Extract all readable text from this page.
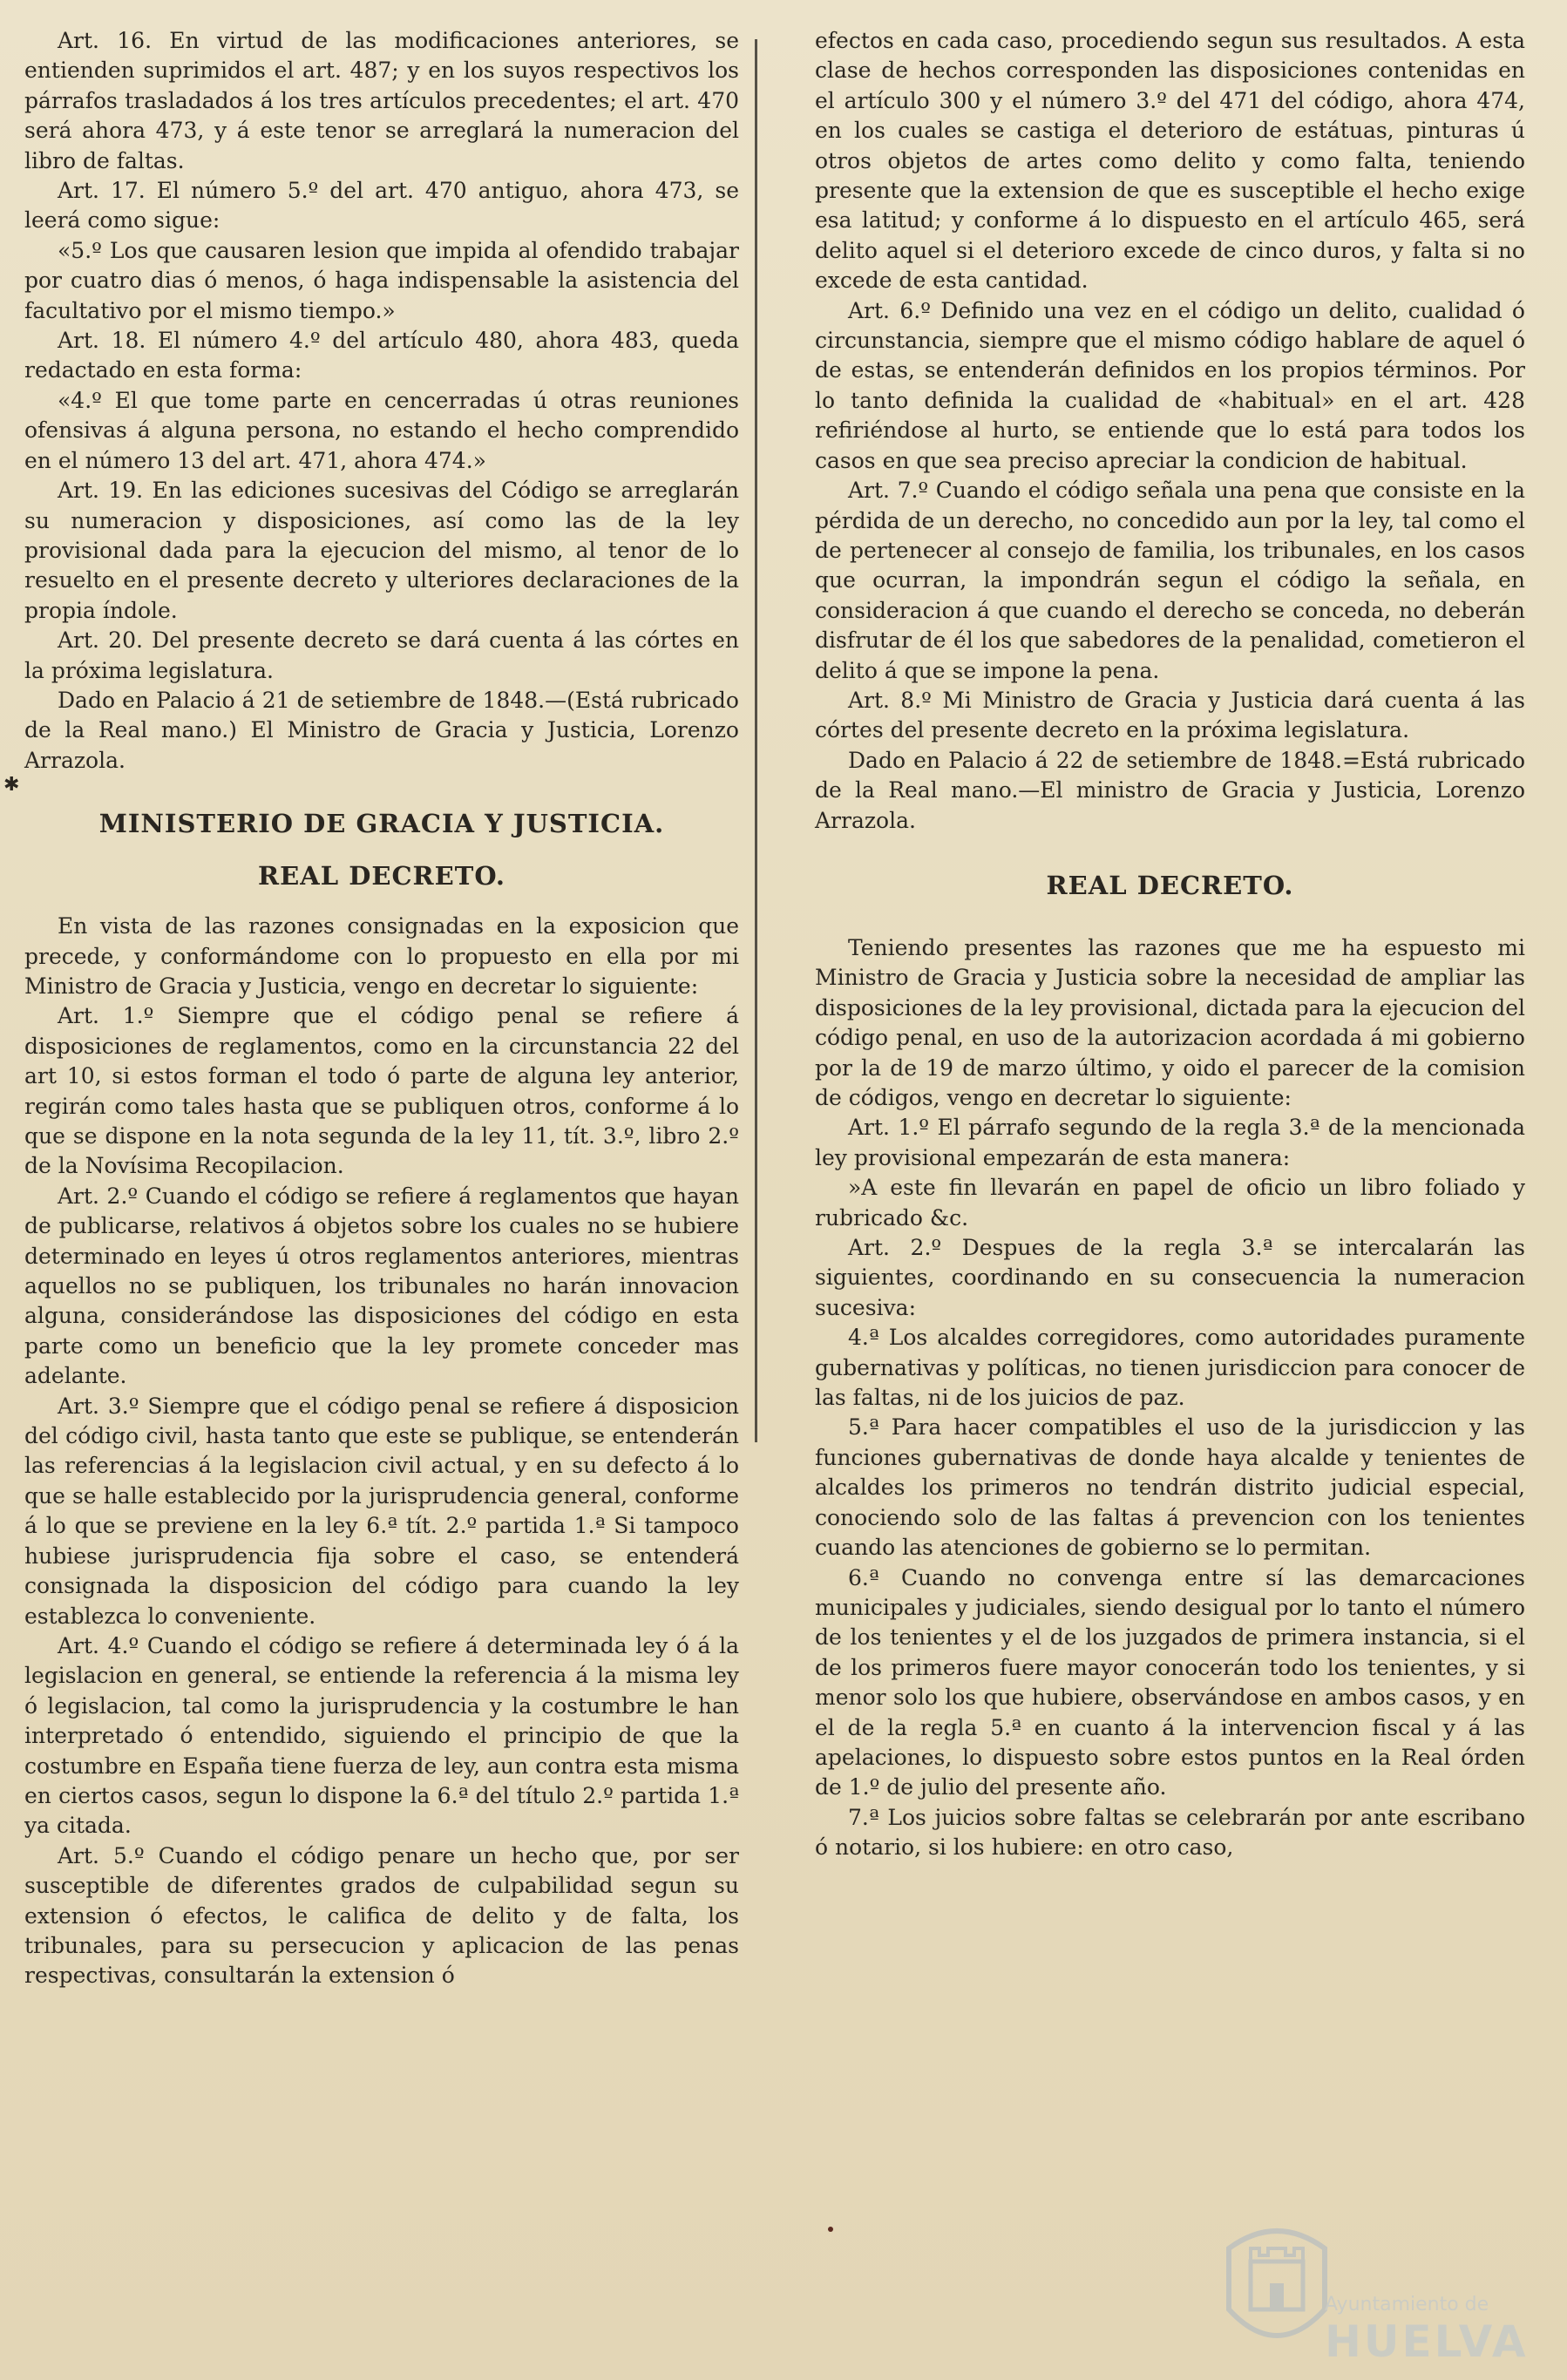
Art. 16. En virtud de las modificaciones anteriores, se entienden suprimidos el art. 487; y en los suyos respectivos los párrafos trasladados á los tres artículos precedentes; el art. 470 será ahora 473, y á este tenor se arreglará la numeracion del libro de faltas.

Art. 17. El número 5.º del art. 470 antiguo, ahora 473, se leerá como sigue:

«5.º Los que causaren lesion que impida al ofendido trabajar por cuatro dias ó menos, ó haga indispensable la asistencia del facultativo por el mismo tiempo.»

Art. 18. El número 4.º del artículo 480, ahora 483, queda redactado en esta forma:

«4.º El que tome parte en cencerradas ú otras reuniones ofensivas á alguna persona, no estando el hecho comprendido en el número 13 del art. 471, ahora 474.»

Art. 19. En las ediciones sucesivas del Código se arreglarán su numeracion y disposiciones, así como las de la ley provisional dada para la ejecucion del mismo, al tenor de lo resuelto en el presente decreto y ulteriores declaraciones de la propia índole.

Art. 20. Del presente decreto se dará cuenta á las córtes en la próxima legislatura.

Dado en Palacio á 21 de setiembre de 1848.—(Está rubricado de la Real mano.) El Ministro de Gracia y Justicia, Lorenzo Arrazola.

MINISTERIO DE GRACIA Y JUSTICIA.
REAL DECRETO.

En vista de las razones consignadas en la exposicion que precede, y conformándome con lo propuesto en ella por mi Ministro de Gracia y Justicia, vengo en decretar lo siguiente:

Art. 1.º Siempre que el código penal se refiere á disposiciones de reglamentos, como en la circunstancia 22 del art 10, si estos forman el todo ó parte de alguna ley anterior, regirán como tales hasta que se publiquen otros, conforme á lo que se dispone en la nota segunda de la ley 11, tít. 3.º, libro 2.º de la Novísima Recopilacion.

Art. 2.º Cuando el código se refiere á reglamentos que hayan de publicarse, relativos á objetos sobre los cuales no se hubiere determinado en leyes ú otros reglamentos anteriores, mientras aquellos no se publiquen, los tribunales no harán innovacion alguna, considerándose las disposiciones del código en esta parte como un beneficio que la ley promete conceder mas adelante.

Art. 3.º Siempre que el código penal se refiere á disposicion del código civil, hasta tanto que este se publique, se entenderán las referencias á la legislacion civil actual, y en su defecto á lo que se halle establecido por la jurisprudencia general, conforme á lo que se previene en la ley 6.ª tít. 2.º partida 1.ª Si tampoco hubiese jurisprudencia fija sobre el caso, se entenderá consignada la disposicion del código para cuando la ley establezca lo conveniente.

Art. 4.º Cuando el código se refiere á determinada ley ó á la legislacion en general, se entiende la referencia á la misma ley ó legislacion, tal como la jurisprudencia y la costumbre le han interpretado ó entendido, siguiendo el principio de que la costumbre en España tiene fuerza de ley, aun contra esta misma en ciertos casos, segun lo dispone la 6.ª del título 2.º partida 1.ª ya citada.

Art. 5.º Cuando el código penare un hecho que, por ser susceptible de diferentes grados de culpabilidad segun su extension ó efectos, le califica de delito y de falta, los tribunales, para su persecucion y aplicacion de las penas respectivas, consultarán la extension ó

✱

efectos en cada caso, procediendo segun sus resultados. A esta clase de hechos corresponden las disposiciones contenidas en el artículo 300 y el número 3.º del 471 del código, ahora 474, en los cuales se castiga el deterioro de estátuas, pinturas ú otros objetos de artes como delito y como falta, teniendo presente que la extension de que es susceptible el hecho exige esa latitud; y conforme á lo dispuesto en el artículo 465, será delito aquel si el deterioro excede de cinco duros, y falta si no excede de esta cantidad.

Art. 6.º Definido una vez en el código un delito, cualidad ó circunstancia, siempre que el mismo código hablare de aquel ó de estas, se entenderán definidos en los propios términos. Por lo tanto definida la cualidad de «habitual» en el art. 428 refiriéndose al hurto, se entiende que lo está para todos los casos en que sea preciso apreciar la condicion de habitual.

Art. 7.º Cuando el código señala una pena que consiste en la pérdida de un derecho, no concedido aun por la ley, tal como el de pertenecer al consejo de familia, los tribunales, en los casos que ocurran, la impondrán segun el código la señala, en consideracion á que cuando el derecho se conceda, no deberán disfrutar de él los que sabedores de la penalidad, cometieron el delito á que se impone la pena.

Art. 8.º Mi Ministro de Gracia y Justicia dará cuenta á las córtes del presente decreto en la próxima legislatura.

Dado en Palacio á 22 de setiembre de 1848.=Está rubricado de la Real mano.—El ministro de Gracia y Justicia, Lorenzo Arrazola.

REAL DECRETO.

Teniendo presentes las razones que me ha espuesto mi Ministro de Gracia y Justicia sobre la necesidad de ampliar las disposiciones de la ley provisional, dictada para la ejecucion del código penal, en uso de la autorizacion acordada á mi gobierno por la de 19 de marzo último, y oido el parecer de la comision de códigos, vengo en decretar lo siguiente:

Art. 1.º El párrafo segundo de la regla 3.ª de la mencionada ley provisional empezarán de esta manera:

»A este fin llevarán en papel de oficio un libro foliado y rubricado &c.

Art. 2.º Despues de la regla 3.ª se intercalarán las siguientes, coordinando en su consecuencia la numeracion sucesiva:

4.ª Los alcaldes corregidores, como autoridades puramente gubernativas y políticas, no tienen jurisdiccion para conocer de las faltas, ni de los juicios de paz.

5.ª Para hacer compatibles el uso de la jurisdiccion y las funciones gubernativas de donde haya alcalde y tenientes de alcaldes los primeros no tendrán distrito judicial especial, conociendo solo de las faltas á prevencion con los tenientes cuando las atenciones de gobierno se lo permitan.

6.ª Cuando no convenga entre sí las demarcaciones municipales y judiciales, siendo desigual por lo tanto el número de los tenientes y el de los juzgados de primera instancia, si el de los primeros fuere mayor conocerán todo los tenientes, y si menor solo los que hubiere, observándose en ambos casos, y en el de la regla 5.ª en cuanto á la intervencion fiscal y á las apelaciones, lo dispuesto sobre estos puntos en la Real órden de 1.º de julio del presente año.

7.ª Los juicios sobre faltas se celebrarán por ante escribano ó notario, si los hubiere: en otro caso,

Ayuntamiento de
HUELVA
